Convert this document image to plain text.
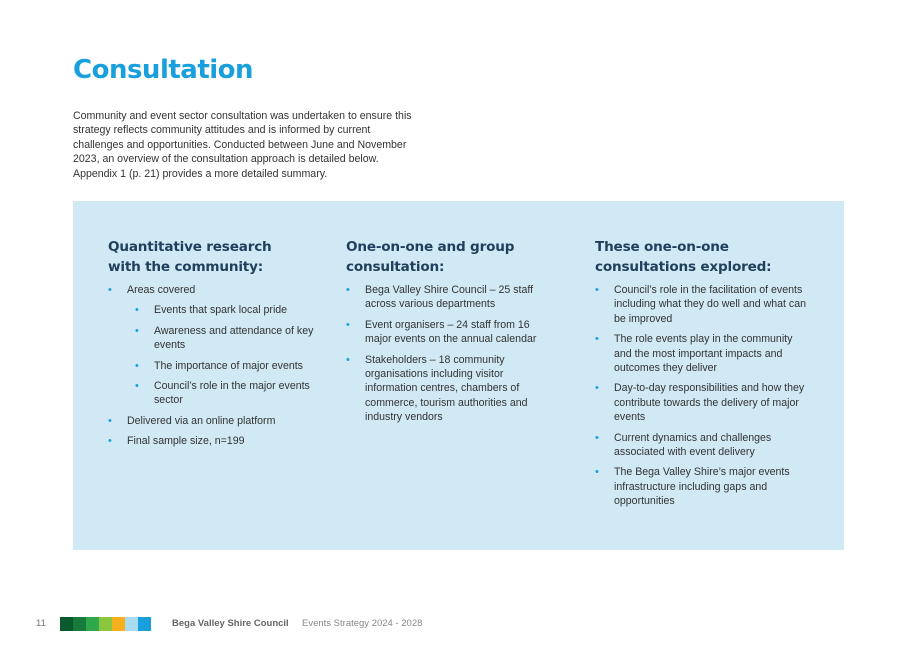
Consultation

Community and event sector consultation was undertaken to ensure this strategy reflects community attitudes and is informed by current challenges and opportunities. Conducted between June and November 2023, an overview of the consultation approach is detailed below. Appendix 1 (p. 21) provides a more detailed summary.

Quantitative research
with the community:
• Areas covered
• Events that spark local pride
• Awareness and attendance of key events
• The importance of major events
• Council’s role in the major events sector
• Delivered via an online platform
• Final sample size, n=199
One-on-one and group
consultation:
• Bega Valley Shire Council – 25 staff across various departments
• Event organisers – 24 staff from 16 major events on the annual calendar
• Stakeholders – 18 community organisations including visitor information centres, chambers of commerce, tourism authorities and industry vendors
These one-on-one
consultations explored:
• Council’s role in the facilitation of events including what they do well and what can be improved
• The role events play in the community and the most important impacts and outcomes they deliver
• Day-to-day responsibilities and how they contribute towards the delivery of major events
• Current dynamics and challenges associated with event delivery
• The Bega Valley Shire’s major events infrastructure including gaps and opportunities
11	Bega Valley Shire Council Events Strategy 2024 - 2028
